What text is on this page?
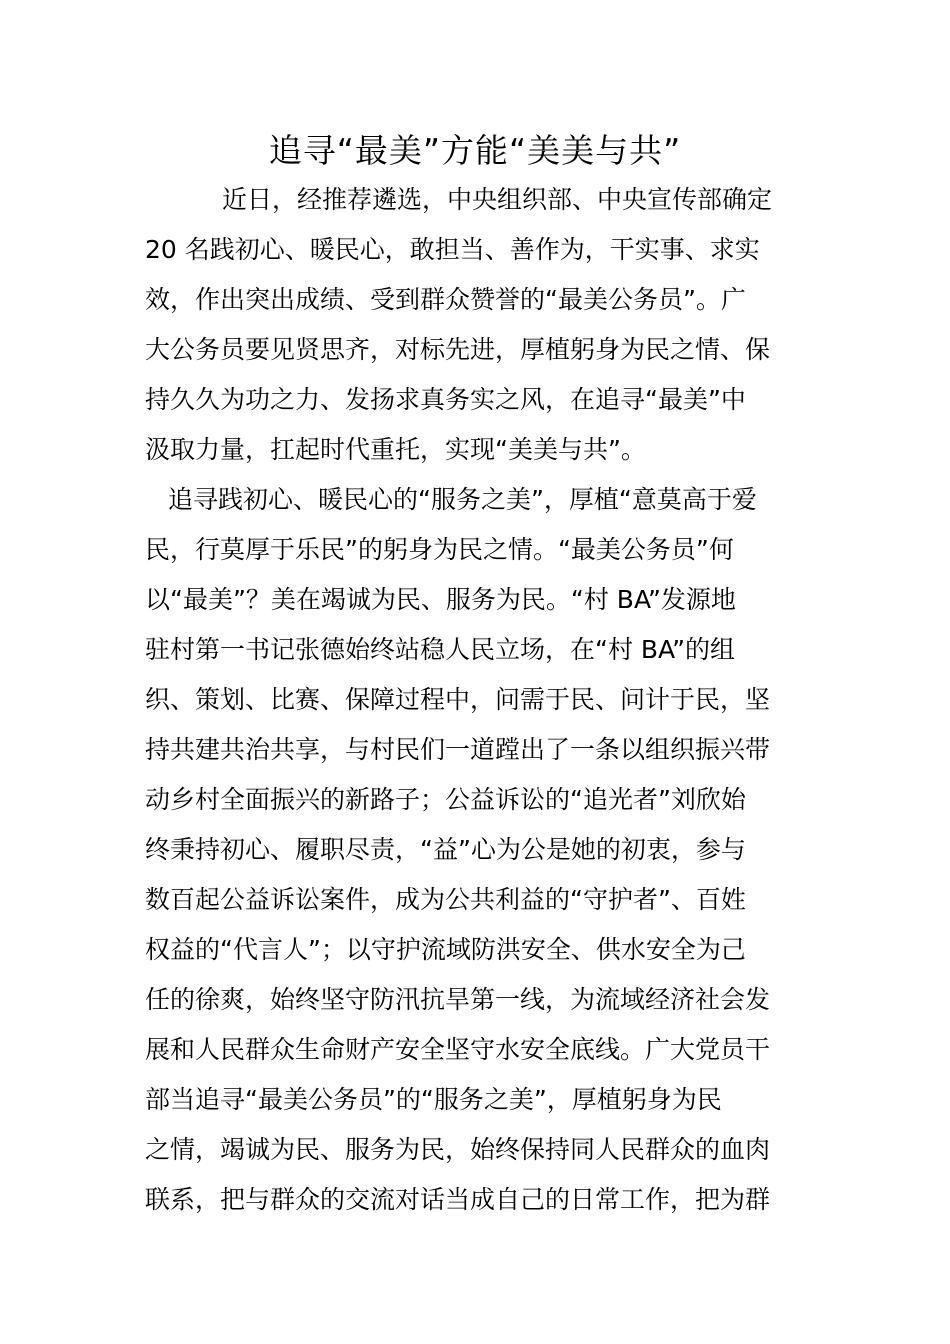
追寻“最美”方能“美美与共”
近日，经推荐遴选，中央组织部、中央宣传部确定
20 名践初心、暖民心，敢担当、善作为，干实事、求实
效，作出突出成绩、受到群众赞誉的“最美公务员”。广
大公务员要见贤思齐，对标先进，厚植躬身为民之情、保
持久久为功之力、发扬求真务实之风，在追寻“最美”中
汲取力量，扛起时代重托，实现“美美与共”。
追寻践初心、暖民心的“服务之美”，厚植“意莫高于爱
民，行莫厚于乐民”的躬身为民之情。“最美公务员”何
以“最美”？美在竭诚为民、服务为民。“村 BA”发源地
驻村第一书记张德始终站稳人民立场，在“村 BA”的组
织、策划、比赛、保障过程中，问需于民、问计于民，坚
持共建共治共享，与村民们一道蹚出了一条以组织振兴带
动乡村全面振兴的新路子；公益诉讼的“追光者”刘欣始
终秉持初心、履职尽责，“益”心为公是她的初衷，参与
数百起公益诉讼案件，成为公共利益的“守护者”、百姓
权益的“代言人”；以守护流域防洪安全、供水安全为己
任的徐爽，始终坚守防汛抗旱第一线，为流域经济社会发
展和人民群众生命财产安全坚守水安全底线。广大党员干
部当追寻“最美公务员”的“服务之美”，厚植躬身为民
之情，竭诚为民、服务为民，始终保持同人民群众的血肉
联系，把与群众的交流对话当成自己的日常工作，把为群
